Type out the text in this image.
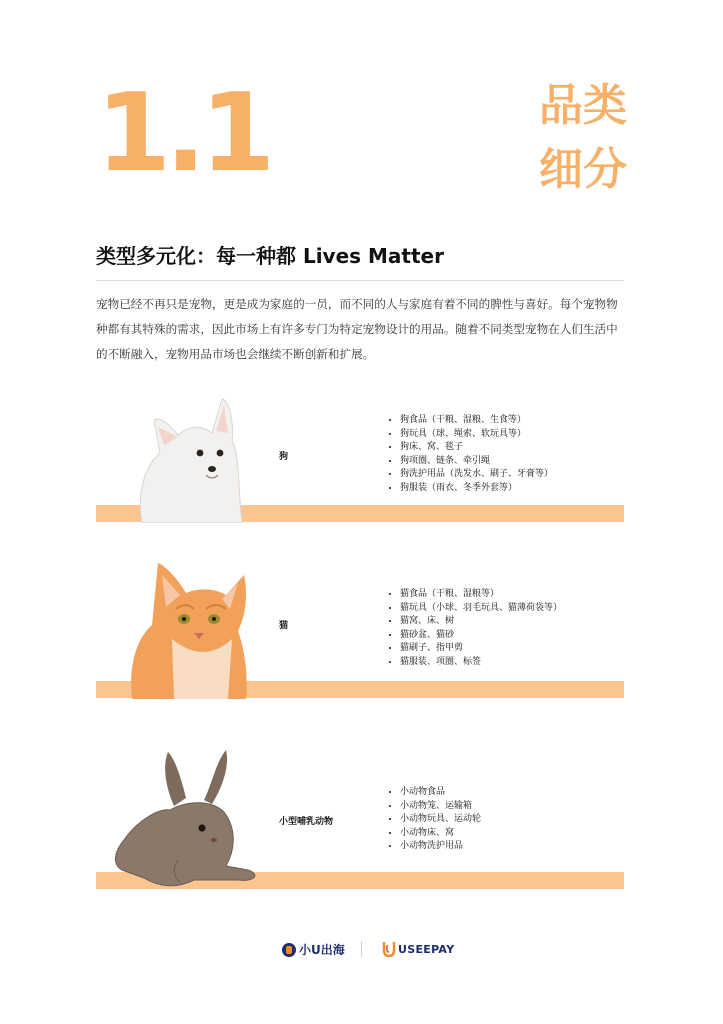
1.1	品类
细分
类型多元化：每一种都 Lives Matter
宠物已经不再只是宠物，更是成为家庭的一员，而不同的人与家庭有着不同的脾性与喜好。每个宠物物种都有其特殊的需求，因此市场上有许多专门为特定宠物设计的用品。随着不同类型宠物在人们生活中的不断融入，宠物用品市场也会继续不断创新和扩展。
狗
• 狗食品（干粮、湿粮、生食等）
• 狗玩具（球、绳索、软玩具等）
• 狗床、窝、毯子
• 狗项圈、链条、牵引绳
• 狗洗护用品（洗发水、刷子、牙膏等）
• 狗服装（雨衣、冬季外套等）
猫
• 猫食品（干粮、湿粮等）
• 猫玩具（小球、羽毛玩具、猫薄荷袋等）
• 猫窝、床、树
• 猫砂盆、猫砂
• 猫刷子、指甲剪
• 猫服装、项圈、标签
小型哺乳动物
• 小动物食品
• 小动物笼、运输箱
• 小动物玩具、运动轮
• 小动物床、窝
• 小动物洗护用品
小U出海	USEEPAY
